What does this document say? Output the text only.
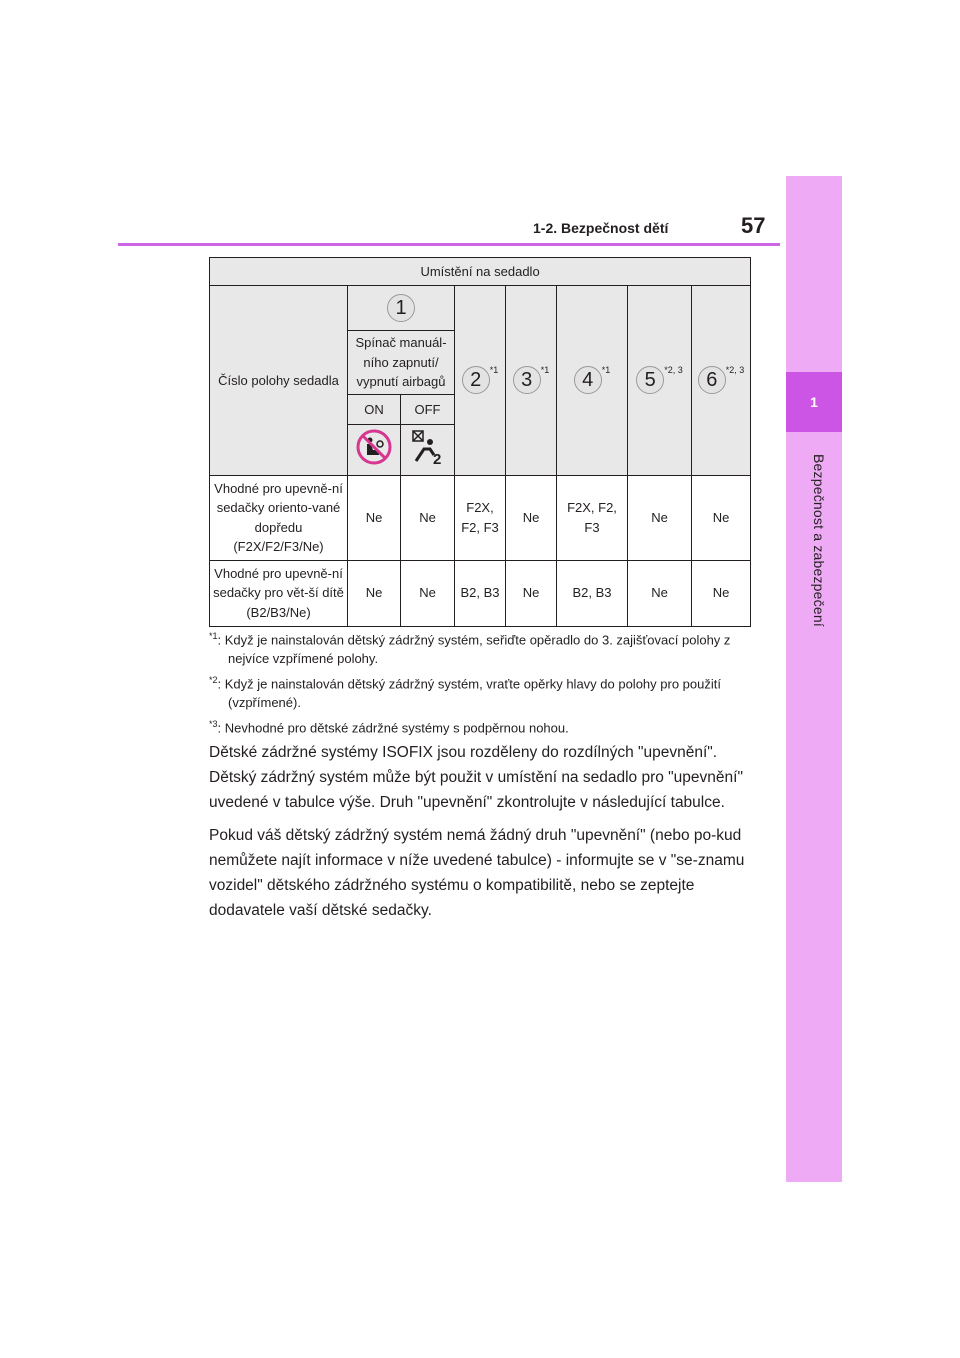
1
Bezpečnost a zabezpečení
1-2. Bezpečnost dětí	57
Umístění na sedadlo							
Číslo polohy sedadla	1		2 $^{*1}$	3 $^{*1}$	4 $^{*1}$	5 $^{*2, 3}$	6 $^{*2, 3}$
	Spínač manuál-ního zapnutí/ vypnutí airbagů						
	ON	OFF					

2					

Vhodné pro upevně-ní sedačky oriento-vané dopředu (F2X/F2/F3/Ne)	Ne	Ne	F2X, F2, F3	Ne	F2X, F2, F3	Ne	Ne
Vhodné pro upevně-ní sedačky pro vět-ší dítě (B2/B3/Ne)	Ne	Ne	B2, B3	Ne	B2, B3	Ne	Ne
$^{*1}$: Když je nainstalován dětský zádržný systém, seřiďte opěradlo do 3. zajišťovací polohy z nejvíce vzpřímené polohy.
$^{*2}$: Když je nainstalován dětský zádržný systém, vraťte opěrky hlavy do polohy pro použití (vzpřímené).
$^{*3}$: Nevhodné pro dětské zádržné systémy s podpěrnou nohou.

Dětské zádržné systémy ISOFIX jsou rozděleny do rozdílných "upevnění". Dětský zádržný systém může být použit v umístění na sedadlo pro "upevnění" uvedené v tabulce výše. Druh "upevnění" zkontrolujte v následující tabulce.

Pokud váš dětský zádržný systém nemá žádný druh "upevnění" (nebo po-kud nemůžete najít informace v níže uvedené tabulce) - informujte se v "se-znamu vozidel" dětského zádržného systému o kompatibilitě, nebo se zeptejte dodavatele vaší dětské sedačky.
